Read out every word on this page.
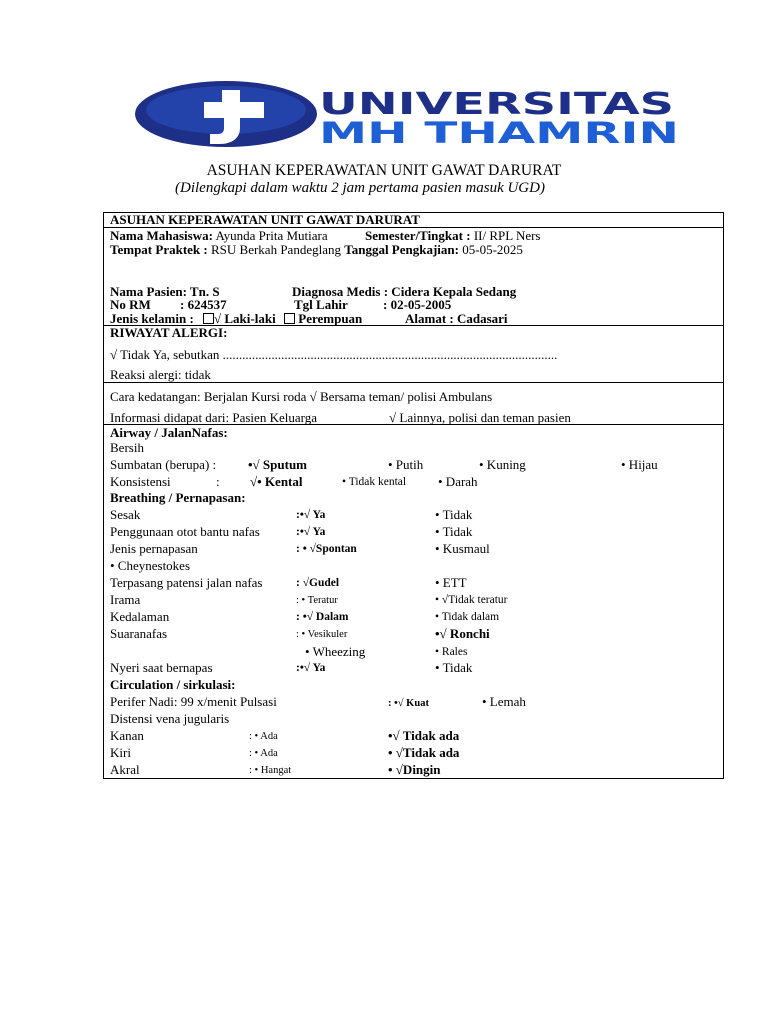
UNIVERSITAS
MH THAMRIN
ASUHAN KEPERAWATAN UNIT GAWAT DARURAT
(Dilengkapi dalam waktu 2 jam pertama pasien masuk UGD)
ASUHAN KEPERAWATAN UNIT GAWAT DARURAT
Nama Mahasiswa: Ayunda Prita Mutiara	Semester/Tingkat : II/ RPL Ners
Tempat Praktek : RSU Berkah Pandeglang Tanggal Pengkajian: 05-05-2025
Nama Pasien: Tn. S	Diagnosa Medis : Cidera Kepala Sedang
No RM : 624537	Tgl Lahir	: 02-05-2005
Jenis kelamin :	√ Laki-laki	Perempuan	Alamat : Cadasari
RIWAYAT ALERGI:
√ Tidak Ya, sebutkan .......................................................................................................
Reaksi alergi: tidak
Cara kedatangan: Berjalan Kursi roda √ Bersama teman/ polisi Ambulans
Informasi didapat dari: Pasien Keluarga	√ Lainnya, polisi dan teman pasien
Airway / JalanNafas:
Bersih
Sumbatan (berupa) : •√ Sputum	• Putih	• Kuning	• Hijau
Konsistensi	: √• Kental	• Tidak kental • Darah
Breathing / Pernapasan:
Sesak	:•√ Ya	• Tidak
Penggunaan otot bantu nafas	:•√ Ya	• Tidak
Jenis pernapasan	: • √Spontan	• Kusmaul
• Cheynestokes
Terpasang patensi jalan nafas	: √Gudel	• ETT
Irama	: • Teratur	• √Tidak teratur
Kedalaman	: •√ Dalam	• Tidak dalam
Suaranafas	: • Vesikuler	•√ Ronchi
• Wheezing	• Rales
Nyeri saat bernapas	:•√ Ya	• Tidak
Circulation / sirkulasi:
Perifer Nadi: 99 x/menit Pulsasi	: •√ Kuat	• Lemah
Distensi vena jugularis
Kanan	: • Ada	•√ Tidak ada
Kiri	: • Ada	• √Tidak ada
Akral	: • Hangat	• √Dingin
